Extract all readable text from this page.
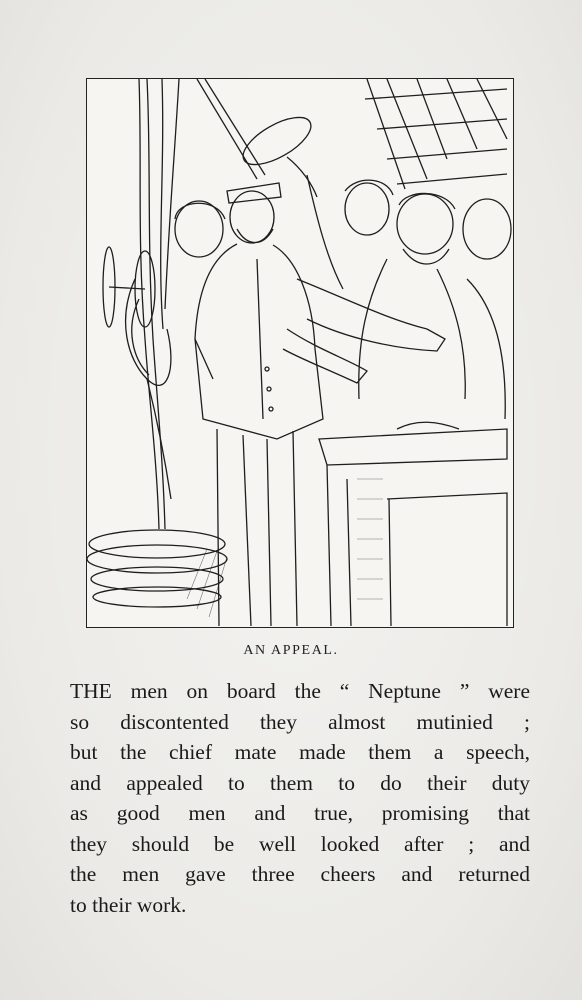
AN APPEAL.
THE men on board the “ Neptune ” were
so discontented they almost mutinied ;
but the chief mate made them a speech,
and appealed to them to do their duty
as good men and true, promising that
they should be well looked after ; and
the men gave three cheers and returned
to their work.
